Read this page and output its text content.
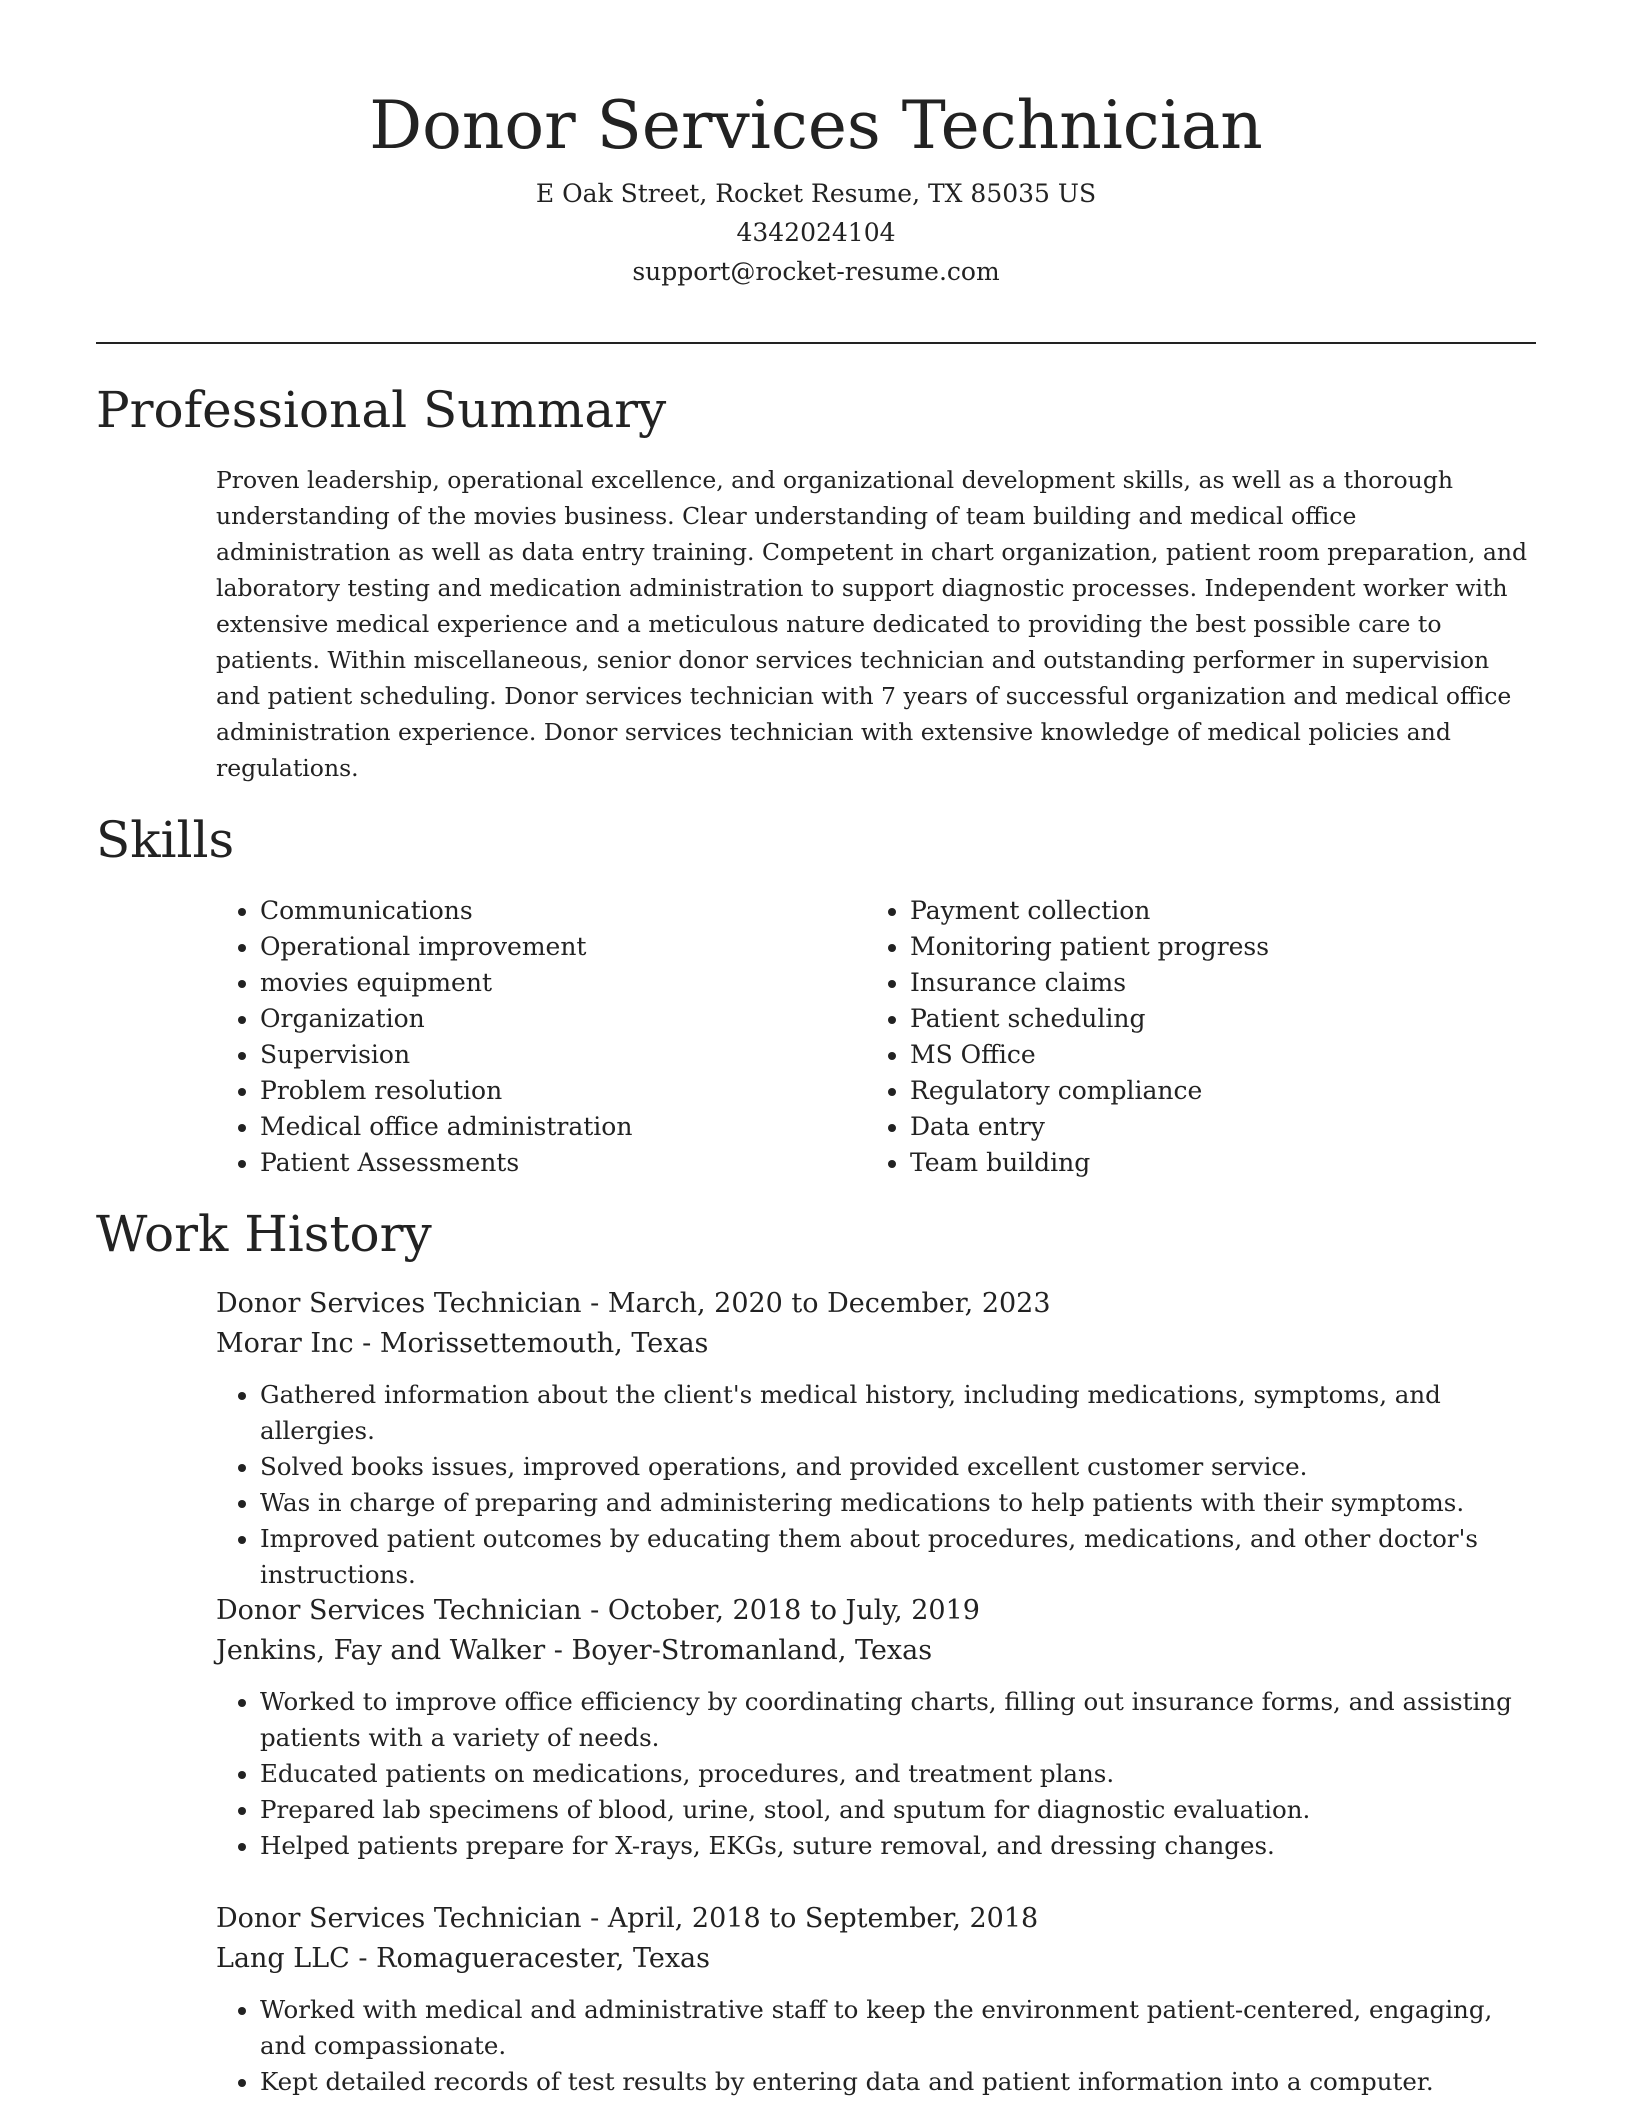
Donor Services Technician
E Oak Street, Rocket Resume, TX 85035 US
4342024104
support@rocket-resume.com
Professional Summary

Proven leadership, operational excellence, and organizational development skills, as well as a thorough understanding of the movies business. Clear understanding of team building and medical office administration as well as data entry training. Competent in chart organization, patient room preparation, and laboratory testing and medication administration to support diagnostic processes. Independent worker with extensive medical experience and a meticulous nature dedicated to providing the best possible care to patients. Within miscellaneous, senior donor services technician and outstanding performer in supervision and patient scheduling. Donor services technician with 7 years of successful organization and medical office administration experience. Donor services technician with extensive knowledge of medical policies and regulations.

Skills
• Communications
• Operational improvement
• movies equipment
• Organization
• Supervision
• Problem resolution
• Medical office administration
• Patient Assessments
• Payment collection
• Monitoring patient progress
• Insurance claims
• Patient scheduling
• MS Office
• Regulatory compliance
• Data entry
• Team building
Work History
Donor Services Technician - March, 2020 to December, 2023
Morar Inc - Morissettemouth, Texas
• Gathered information about the client's medical history, including medications, symptoms, and allergies.
• Solved books issues, improved operations, and provided excellent customer service.
• Was in charge of preparing and administering medications to help patients with their symptoms.
• Improved patient outcomes by educating them about procedures, medications, and other doctor's instructions.
Donor Services Technician - October, 2018 to July, 2019
Jenkins, Fay and Walker - Boyer-Stromanland, Texas
• Worked to improve office efficiency by coordinating charts, filling out insurance forms, and assisting patients with a variety of needs.
• Educated patients on medications, procedures, and treatment plans.
• Prepared lab specimens of blood, urine, stool, and sputum for diagnostic evaluation.
• Helped patients prepare for X-rays, EKGs, suture removal, and dressing changes.
Donor Services Technician - April, 2018 to September, 2018
Lang LLC - Romagueracester, Texas
• Worked with medical and administrative staff to keep the environment patient-centered, engaging, and compassionate.
• Kept detailed records of test results by entering data and patient information into a computer.
